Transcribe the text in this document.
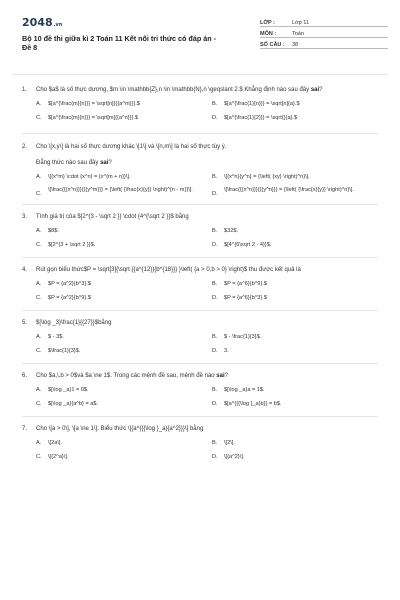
2048.vn
Bộ 10 đề thi giữa kì 2 Toán 11 Kết nối tri thức có đáp án -
Đề 8
LỚP :	Lớp 11
MÔN :	Toán
SỐ CÂU :	38
1.	Cho $a$ là số thực dương, $m \in \mathbb{Z},n \in \mathbb{N},n \geqslant 2.$ Khẳng định nào sau đây sai?
A.	$[a^{\frac{m}{n}}} = \sqrt[n]{{{a^m}}}.$	B.	$[a^{\frac{1}{n}}} = \sqrt[n]{a}.$
C.	$[a^{\frac{m}{n}}} = \sqrt[m]{{a^n}}}.$	D.	$[a^{\frac{1}{2}}} = \sqrt{}{a}.$
2.	Cho \[x,y\] là hai số thực dương khác \[1\] và \[n,m\] là hai số thực tùy ý.
Đẳng thức nào sau đây sai?
A.	\[{x^m} \cdot {x^n} = {x^{m + n}}\].	B.	\[{x^n}{y^n} = {\left( {xy} \right)^n}\].
C.
\[\frac{{{x^n}}}{{{y^m}}} = {\left( {\frac{x}{y}} \right)^{n - m}}\].
D.
\[\frac{{{x^n}}}{{{y^n}}} = {\left( {\frac{x}{y}} \right)^n}\].
3.	Tính giá trị của $[2^{3 - \sqrt 2 }} \cdot {4^{\sqrt 2 }}$ bằng
A.	$8$.	B.	$32$.
C.	$[2^{3 + \sqrt 2 }}$.	D.	$[4^{6\sqrt 2 - 4}}$.
4.	Rút gọn biểu thức$P = \sqrt[3]{\sqrt {{a^{12}}{b^{18}}} }\left( {a > 0,b > 0} \right)$ thu được kết quả là
A.	$P = {a^2}{b^3}.$	B.	$P = {a^6}{b^9}.$
C.	$P = {a^2}{b^9}.$	D.	$P = {a^6}{b^3}.$
5.	$[\log _3}\frac{1}{{27}}$bằng
A.	$ - 3$.	B.	$ - \frac{1}{3}$.
C.	$\frac{1}{3}$.	D.	3.
6.	Cho $a,\,b > 0$và $a \ne 1$. Trong các mệnh đề sau, mệnh đề nào sai?
A.	$[\log _a}1 = 0$.	B.	$[\log _a}a = 1$.
C.	$[\log _a}{a^b} = a$.	D.	$[a^{{{\log }_a}b}} = b$.
7.	Cho \[a > 0\], \[a \ne 1\]. Biểu thức \[{a^{{{\log }_a}{a^2}}}\] bằng
A.	\[2a\].	B.	\[2\].
C.	\[{2^a}\].	D.	\[{a^2}\].
